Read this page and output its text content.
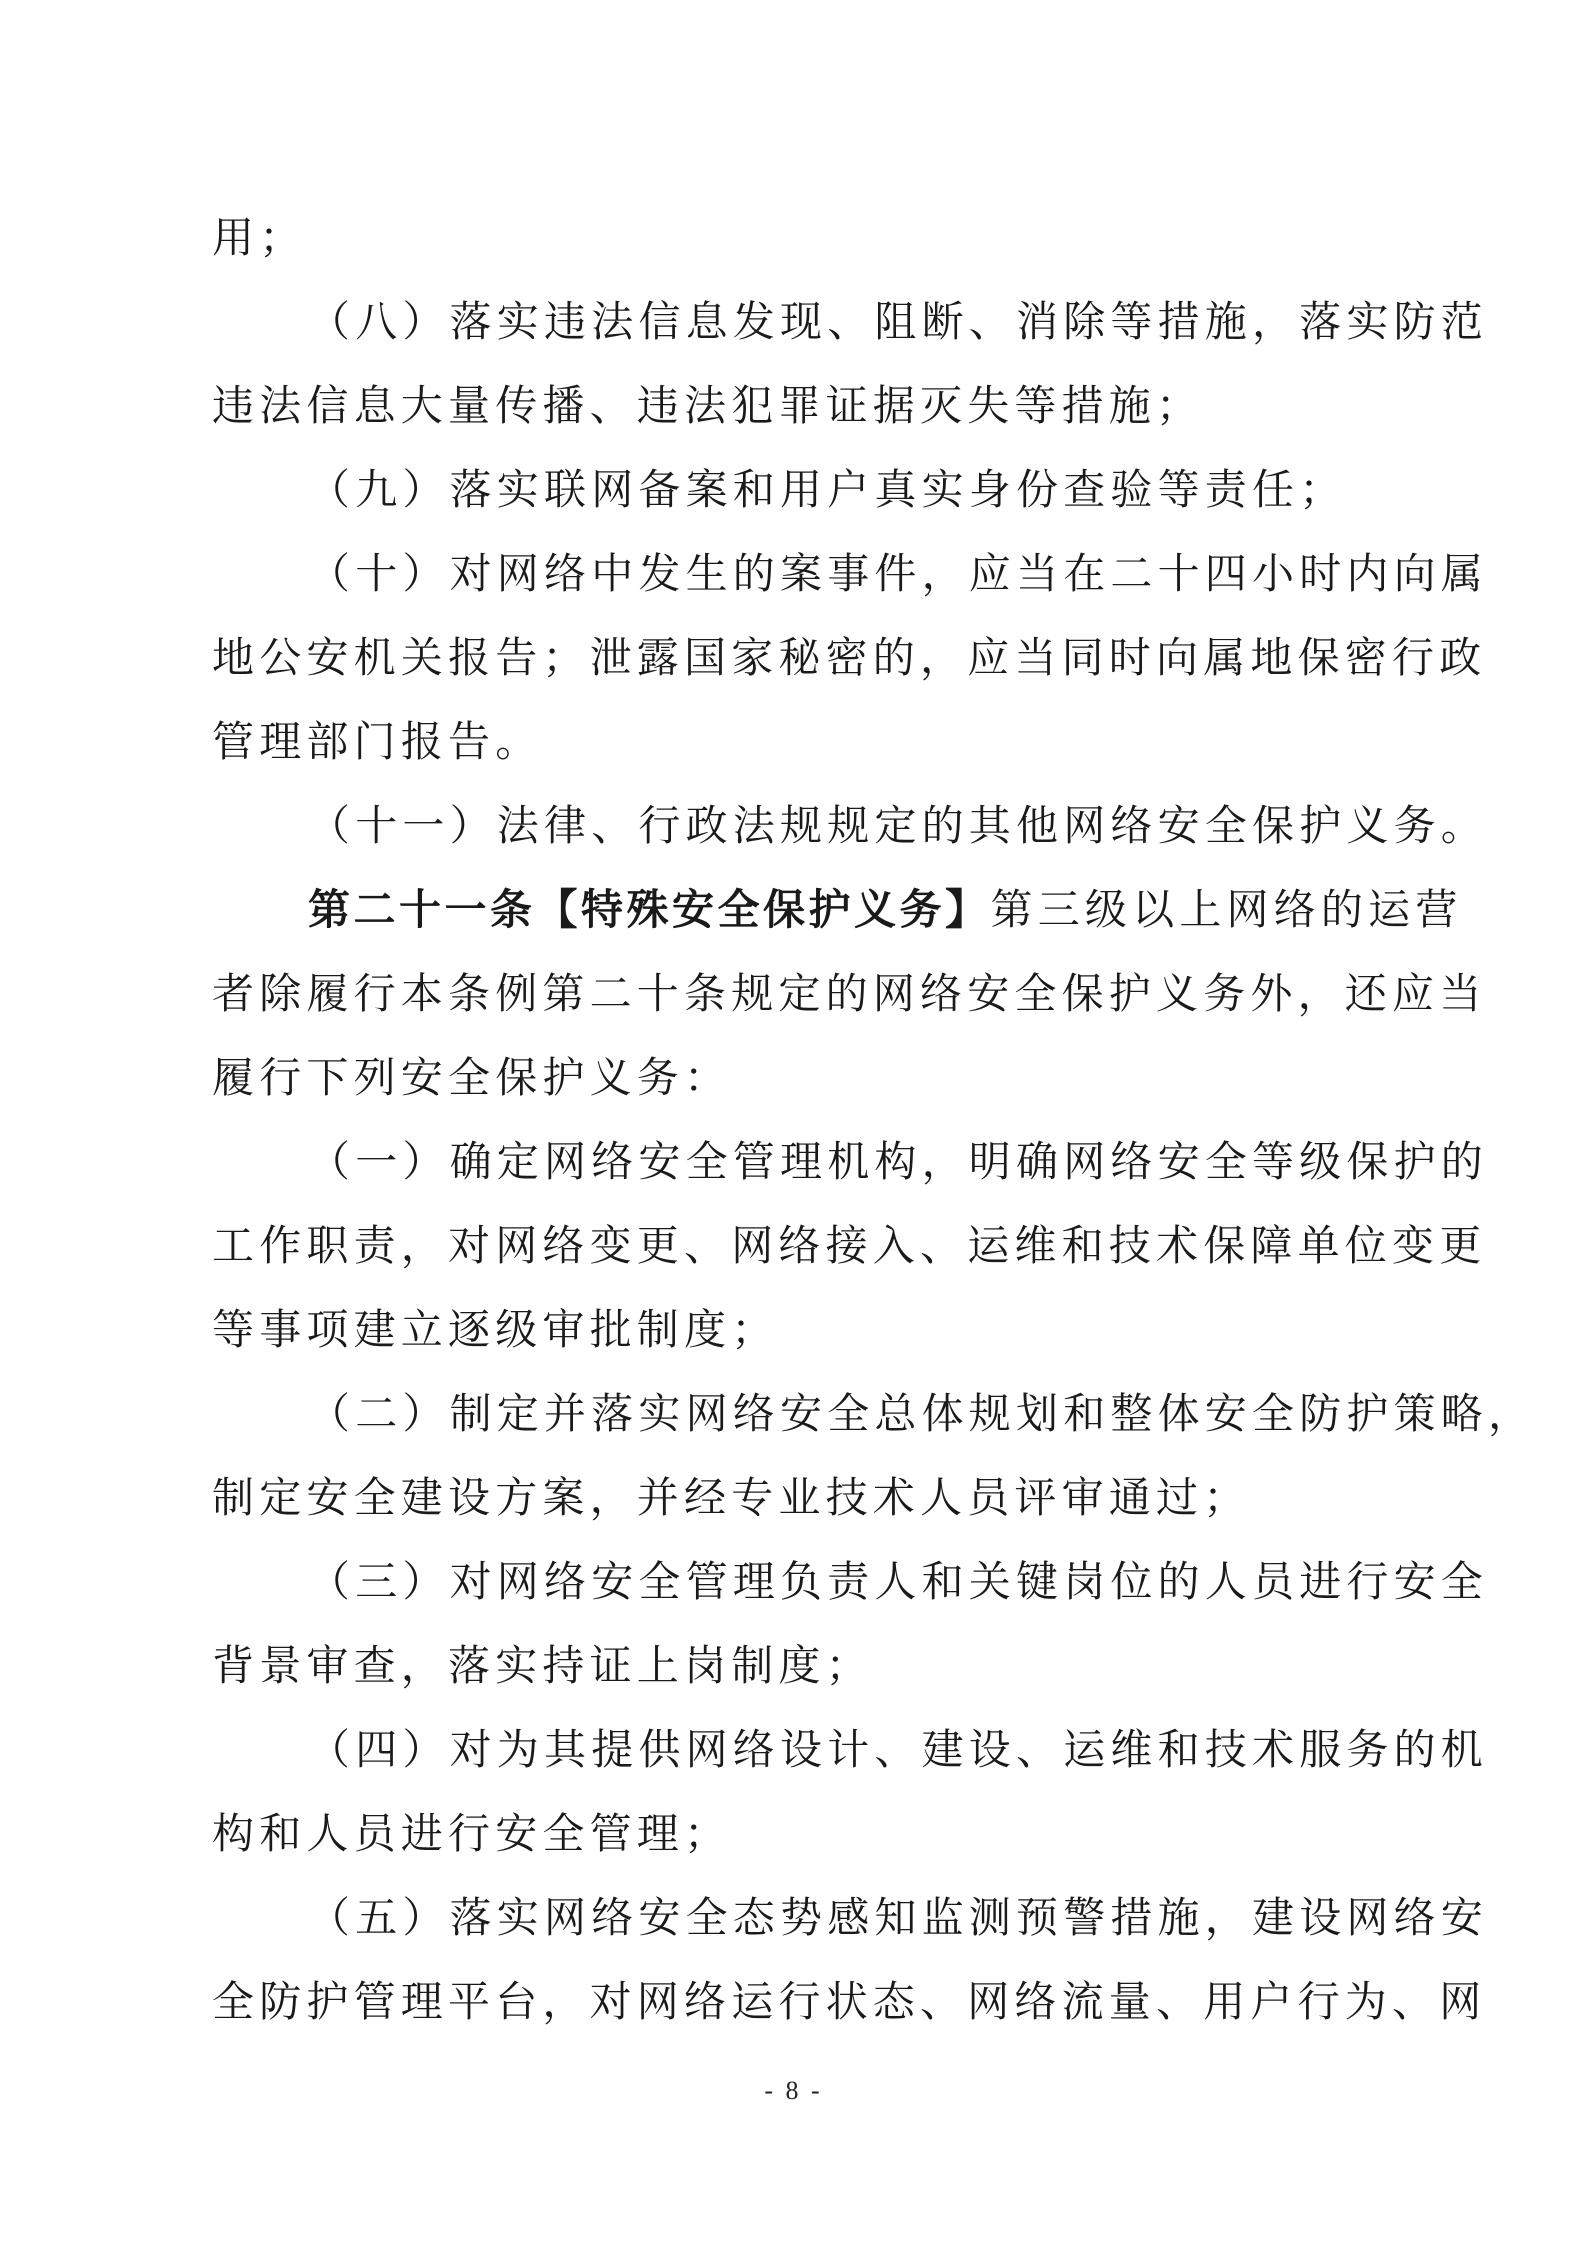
用；
（八）落实违法信息发现、阻断、消除等措施，落实防范
违法信息大量传播、违法犯罪证据灭失等措施；
（九）落实联网备案和用户真实身份查验等责任；
（十）对网络中发生的案事件，应当在二十四小时内向属
地公安机关报告；泄露国家秘密的，应当同时向属地保密行政
管理部门报告。
（十一）法律、行政法规规定的其他网络安全保护义务。
第二十一条【特殊安全保护义务】第三级以上网络的运营
者除履行本条例第二十条规定的网络安全保护义务外，还应当
履行下列安全保护义务：
（一）确定网络安全管理机构，明确网络安全等级保护的
工作职责，对网络变更、网络接入、运维和技术保障单位变更
等事项建立逐级审批制度；
（二）制定并落实网络安全总体规划和整体安全防护策略，
制定安全建设方案，并经专业技术人员评审通过；
（三）对网络安全管理负责人和关键岗位的人员进行安全
背景审查，落实持证上岗制度；
（四）对为其提供网络设计、建设、运维和技术服务的机
构和人员进行安全管理；
（五）落实网络安全态势感知监测预警措施，建设网络安
全防护管理平台，对网络运行状态、网络流量、用户行为、网
- 8 -
